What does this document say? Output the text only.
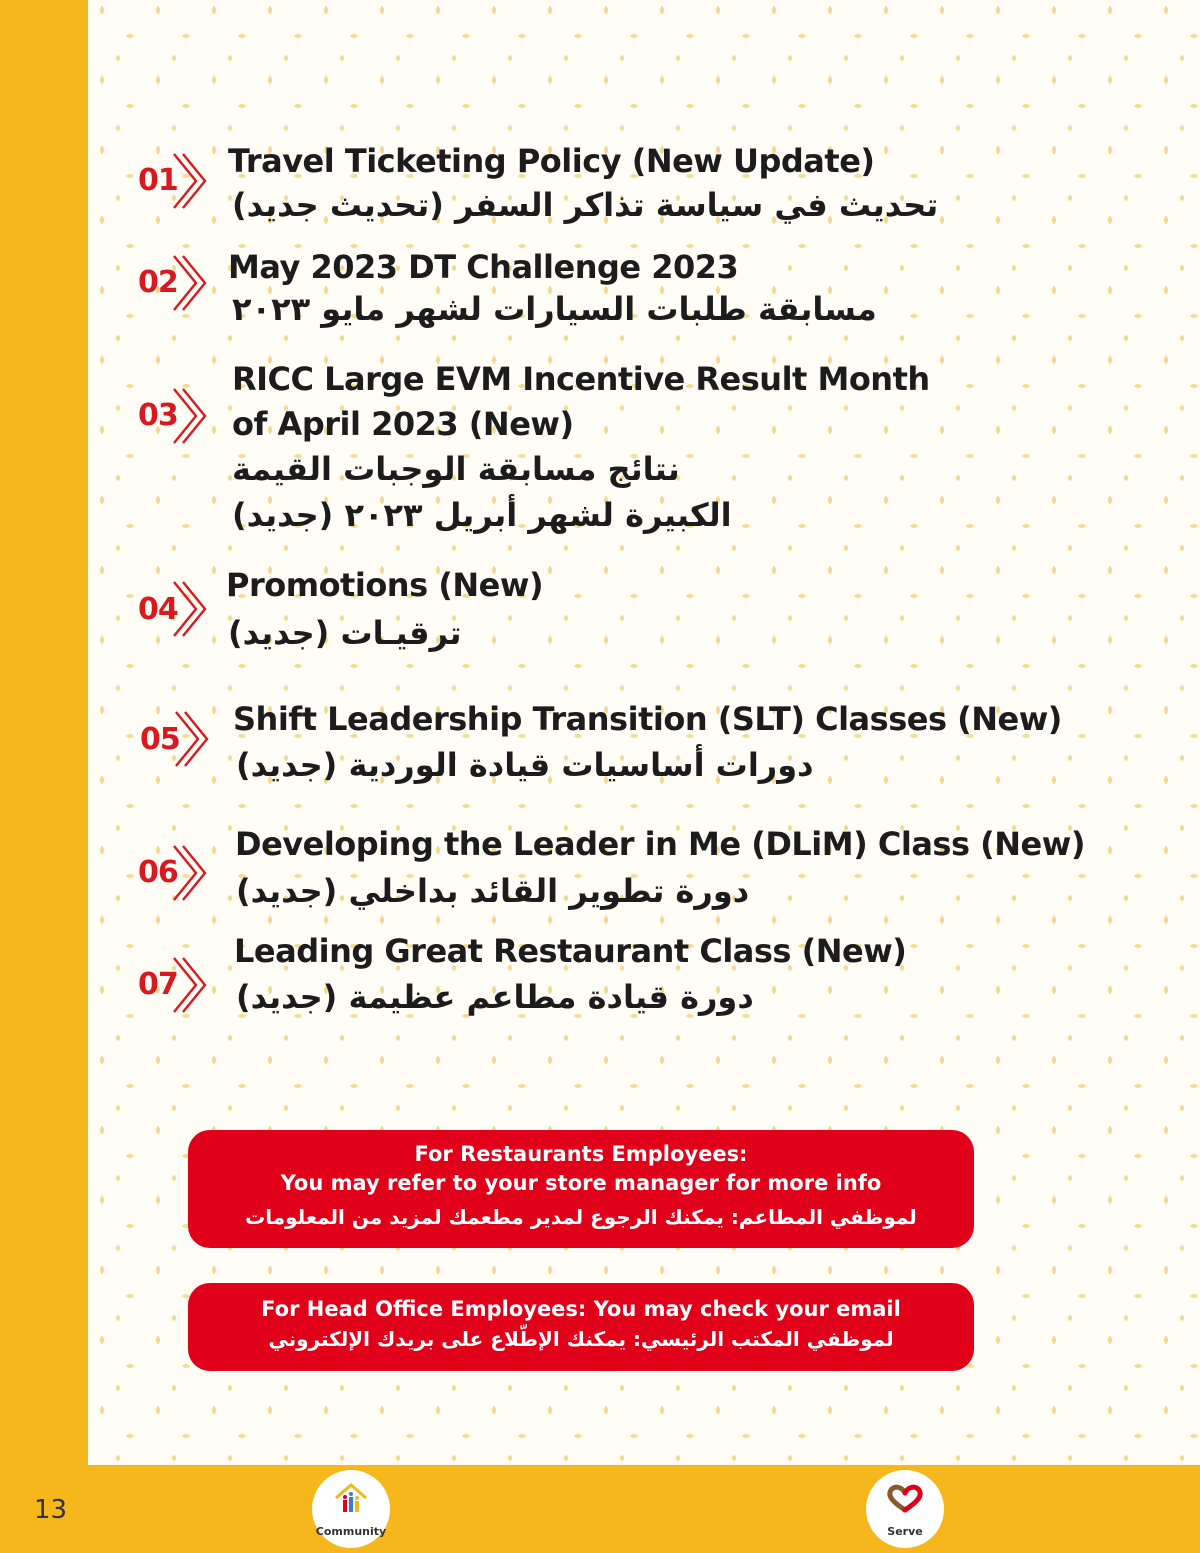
01
Travel Ticketing Policy (New Update)
تحديث في سياسة تذاكر السفر (تحديث جديد)
02 May 2023 DT Challenge 2023
مسابقة طلبات السيارات لشهر مايو ٢٠٢٣
03
RICC Large EVM Incentive Result Month
of April 2023 (New)
نتائج مسابقة الوجبات القيمة
الكبيرة لشهر أبريل ٢٠٢٣ (جديد)
04
Promotions (New)
ترقيـات (جديد)
05
Shift Leadership Transition (SLT) Classes (New)
دورات أساسيات قيادة الوردية (جديد)
06
Developing the Leader in Me (DLiM) Class (New)
دورة تطوير القائد بداخلي (جديد)
07
Leading Great Restaurant Class (New)
دورة قيادة مطاعم عظيمة (جديد)
For Restaurants Employees:
You may refer to your store manager for more info
لموظفي المطاعم: يمكنك الرجوع لمدير مطعمك لمزيد من المعلومات
For Head Office Employees: You may check your email
لموظفي المكتب الرئيسي: يمكنك الإطّلاع على بريدك الإلكتروني
13
Community	Serve
